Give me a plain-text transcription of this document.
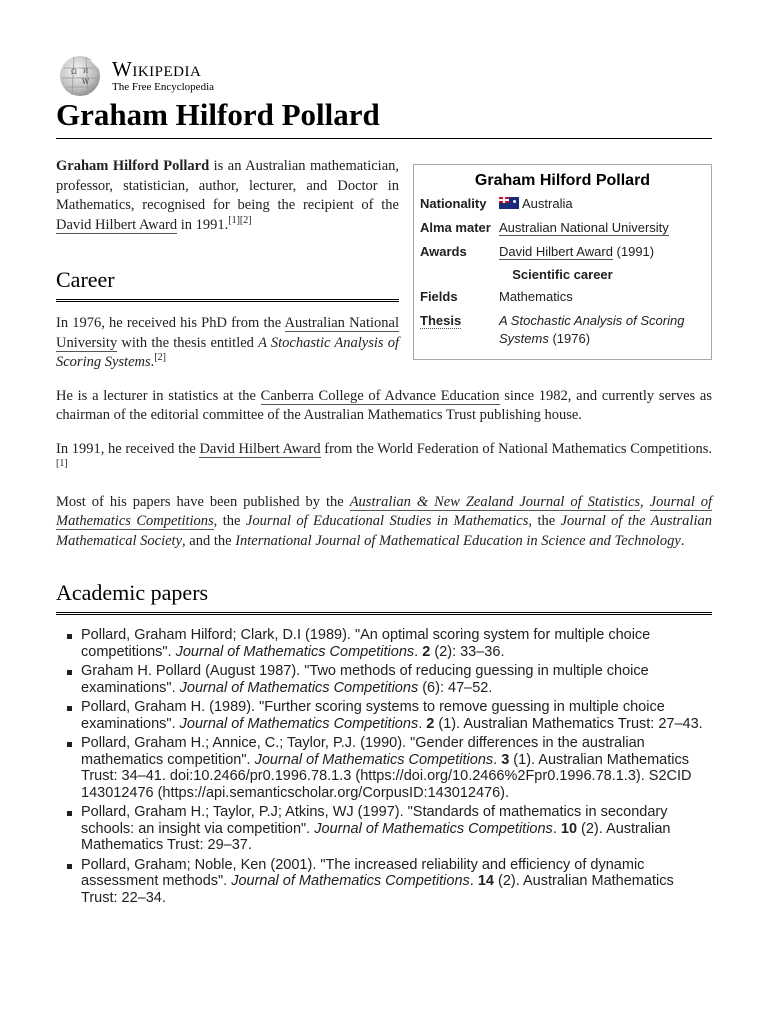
Ω
W
И Wikipedia
The Free Encyclopedia
Graham Hilford Pollard
Graham Hilford Pollard
Nationality	Australia
Alma mater Australian National University
Awards	David Hilbert Award (1991)
Scientific career
Fields	Mathematics
Thesis	A Stochastic Analysis of Scoring Systems (1976)

Graham Hilford Pollard is an Australian mathematician, professor, statistician, author, lecturer, and Doctor in Mathematics, recognised for being the recipient of the David Hilbert Award in 1991.[1][2]

Career

In 1976, he received his PhD from the Australian National University with the thesis entitled A Stochastic Analysis of Scoring Systems.[2]

He is a lecturer in statistics at the Canberra College of Advance Education since 1982, and currently serves as chairman of the editorial committee of the Australian Mathematics Trust publishing house.

In 1991, he received the David Hilbert Award from the World Federation of National Mathematics Competitions.[1]

Most of his papers have been published by the Australian & New Zealand Journal of Statistics, Journal of Mathematics Competitions, the Journal of Educational Studies in Mathematics, the Journal of the Australian Mathematical Society, and the International Journal of Mathematical Education in Science and Technology.

Academic papers
Pollard, Graham Hilford; Clark, D.I (1989). "An optimal scoring system for multiple choice competitions". Journal of Mathematics Competitions. 2 (2): 33–36.
Graham H. Pollard (August 1987). "Two methods of reducing guessing in multiple choice examinations". Journal of Mathematics Competitions (6): 47–52.
Pollard, Graham H. (1989). "Further scoring systems to remove guessing in multiple choice examinations". Journal of Mathematics Competitions. 2 (1). Australian Mathematics Trust: 27–43.
Pollard, Graham H.; Annice, C.; Taylor, P.J. (1990). "Gender differences in the australian mathematics competition". Journal of Mathematics Competitions. 3 (1). Australian Mathematics Trust: 34–41. doi:10.2466/pr0.1996.78.1.3 (https://doi.org/10.2466%2Fpr0.1996.78.1.3). S2CID 143012476 (https://api.semanticscholar.org/CorpusID:143012476).
Pollard, Graham H.; Taylor, P.J; Atkins, WJ (1997). "Standards of mathematics in secondary schools: an insight via competition". Journal of Mathematics Competitions. 10 (2). Australian Mathematics Trust: 29–37.
Pollard, Graham; Noble, Ken (2001). "The increased reliability and efficiency of dynamic assessment methods". Journal of Mathematics Competitions. 14 (2). Australian Mathematics Trust: 22–34.
